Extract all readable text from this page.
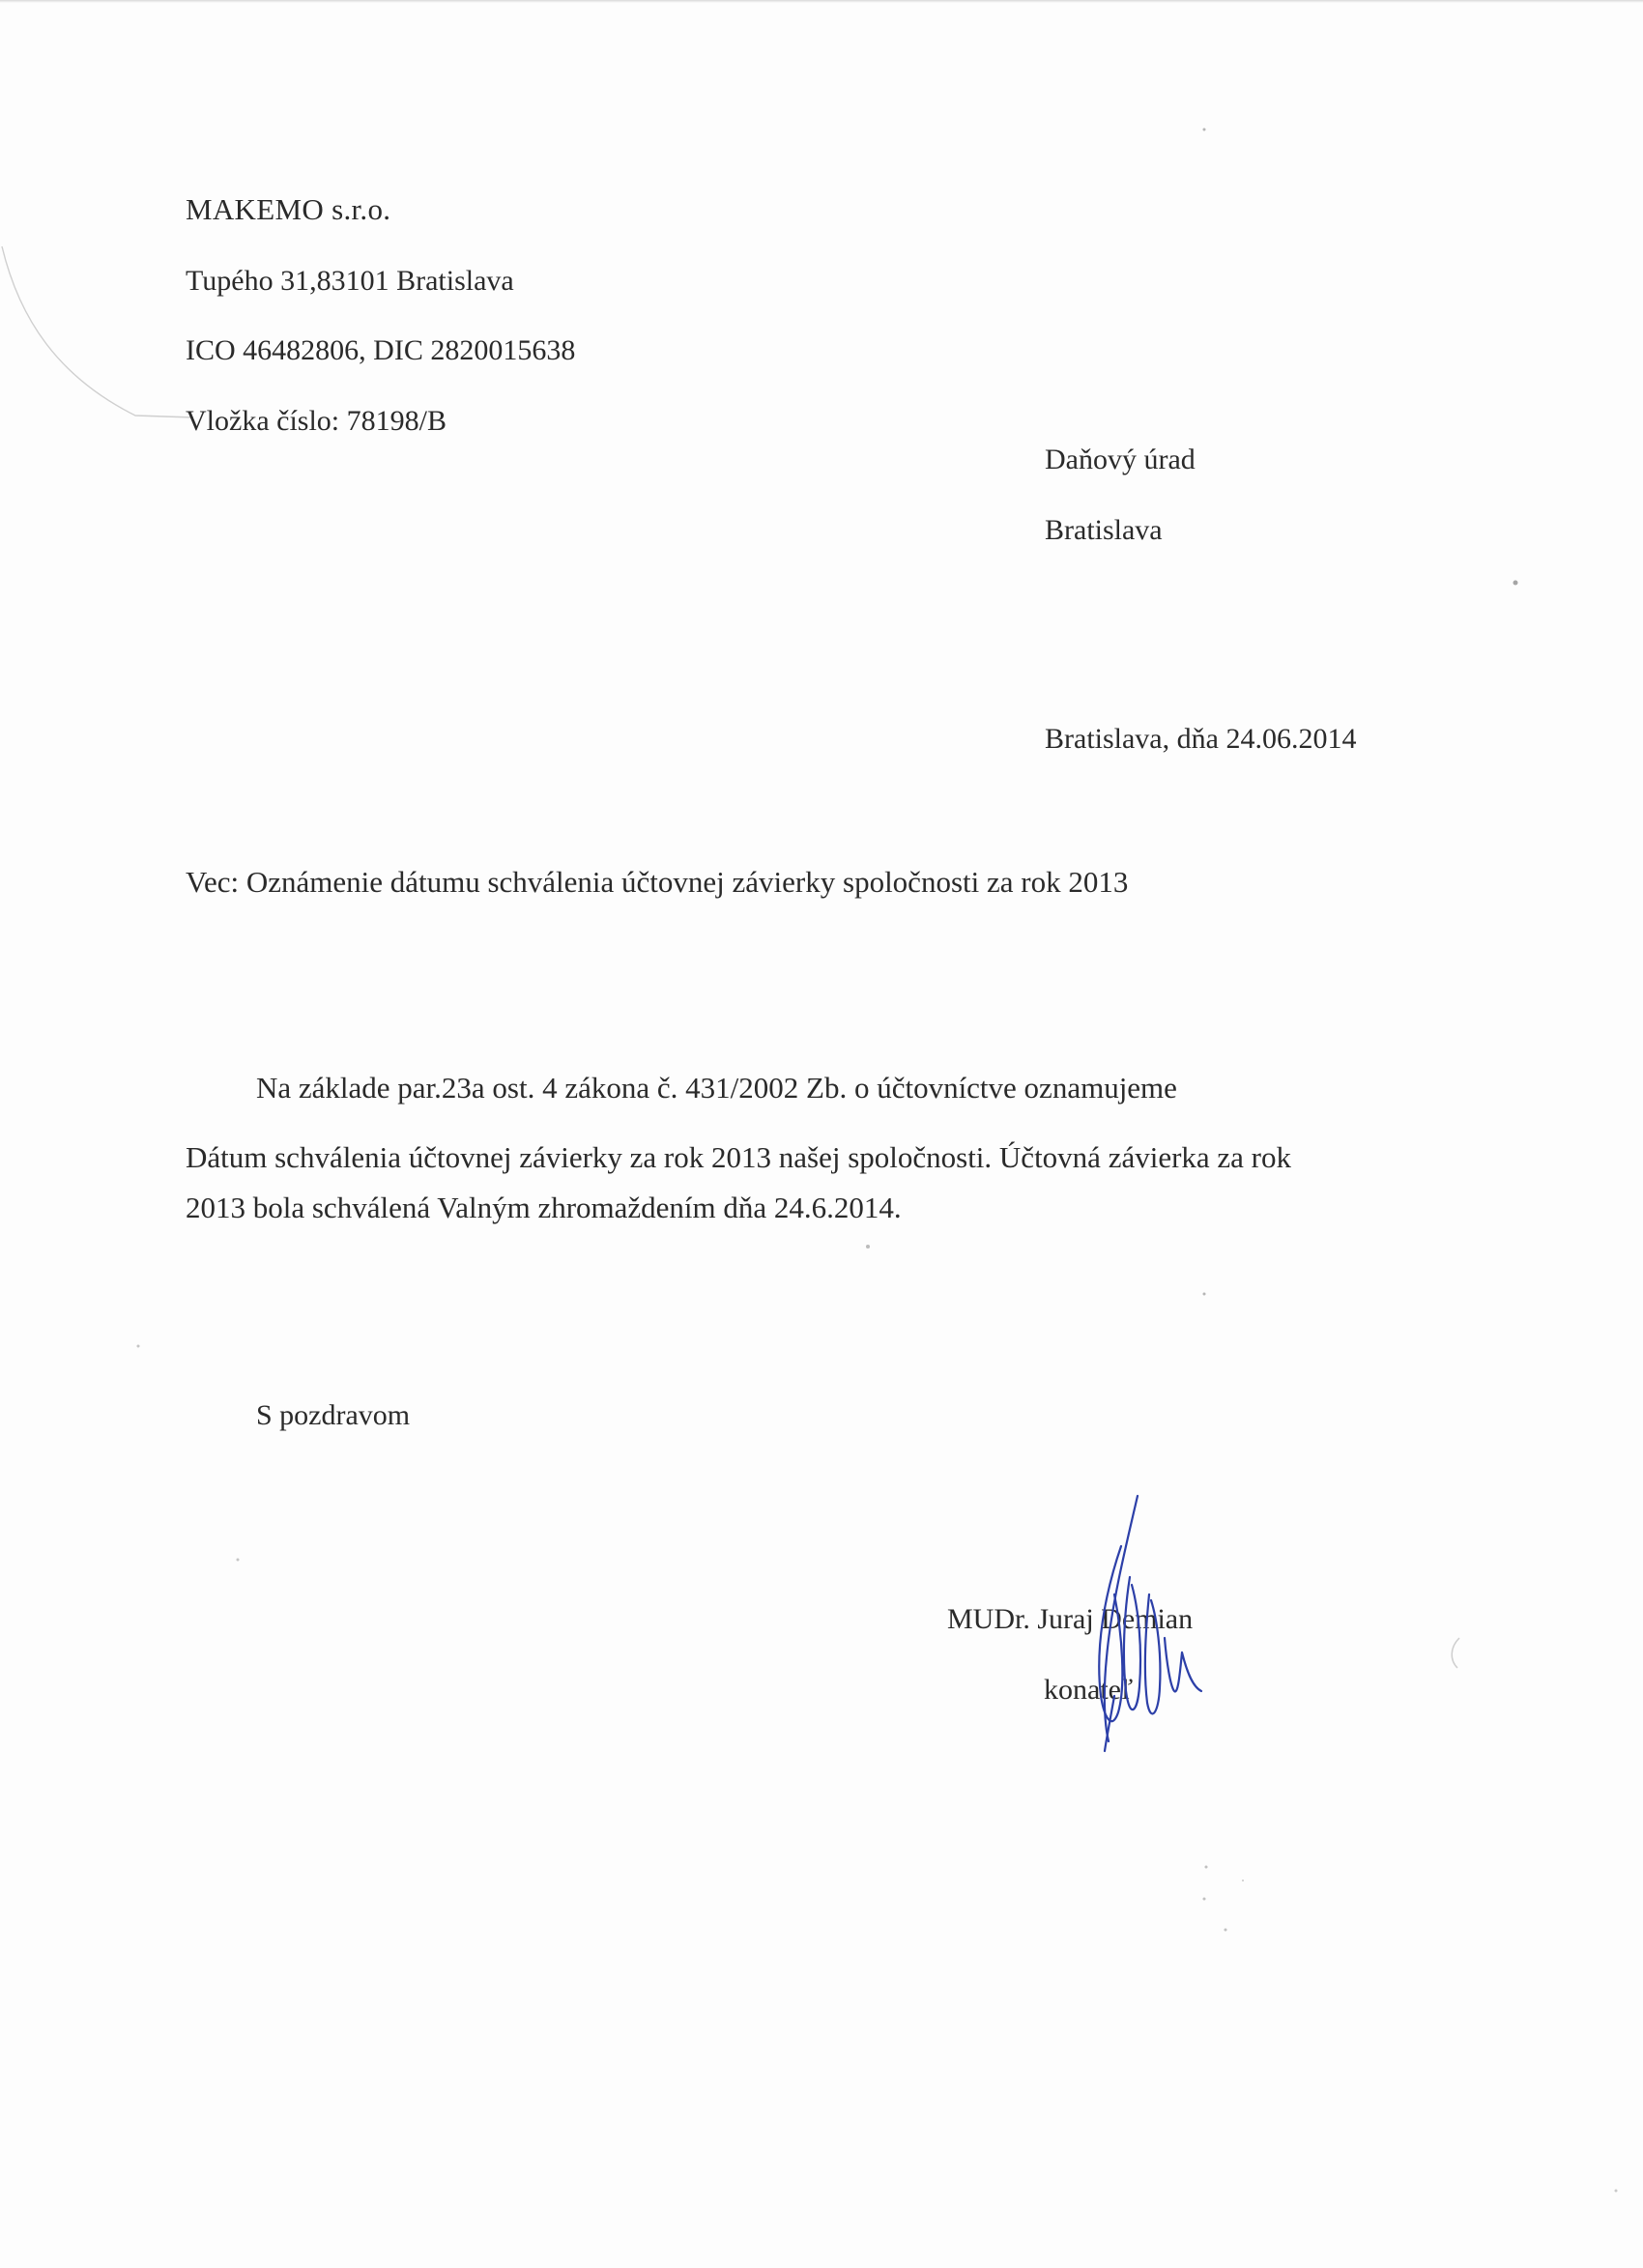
MAKEMO s.r.o.
Tupého 31,83101 Bratislava
ICO 46482806, DIC 2820015638
Vložka číslo: 78198/B
Daňový úrad
Bratislava
Bratislava, dňa 24.06.2014
Vec: Oznámenie dátumu schválenia účtovnej závierky spoločnosti za rok 2013
Na základe par.23a ost. 4 zákona č. 431/2002 Zb. o účtovníctve oznamujeme
Dátum schválenia účtovnej závierky za rok 2013 našej spoločnosti. Účtovná závierka za rok
2013 bola schválená Valným zhromaždením dňa 24.6.2014.
S pozdravom
MUDr. Juraj Demian
konateľ
